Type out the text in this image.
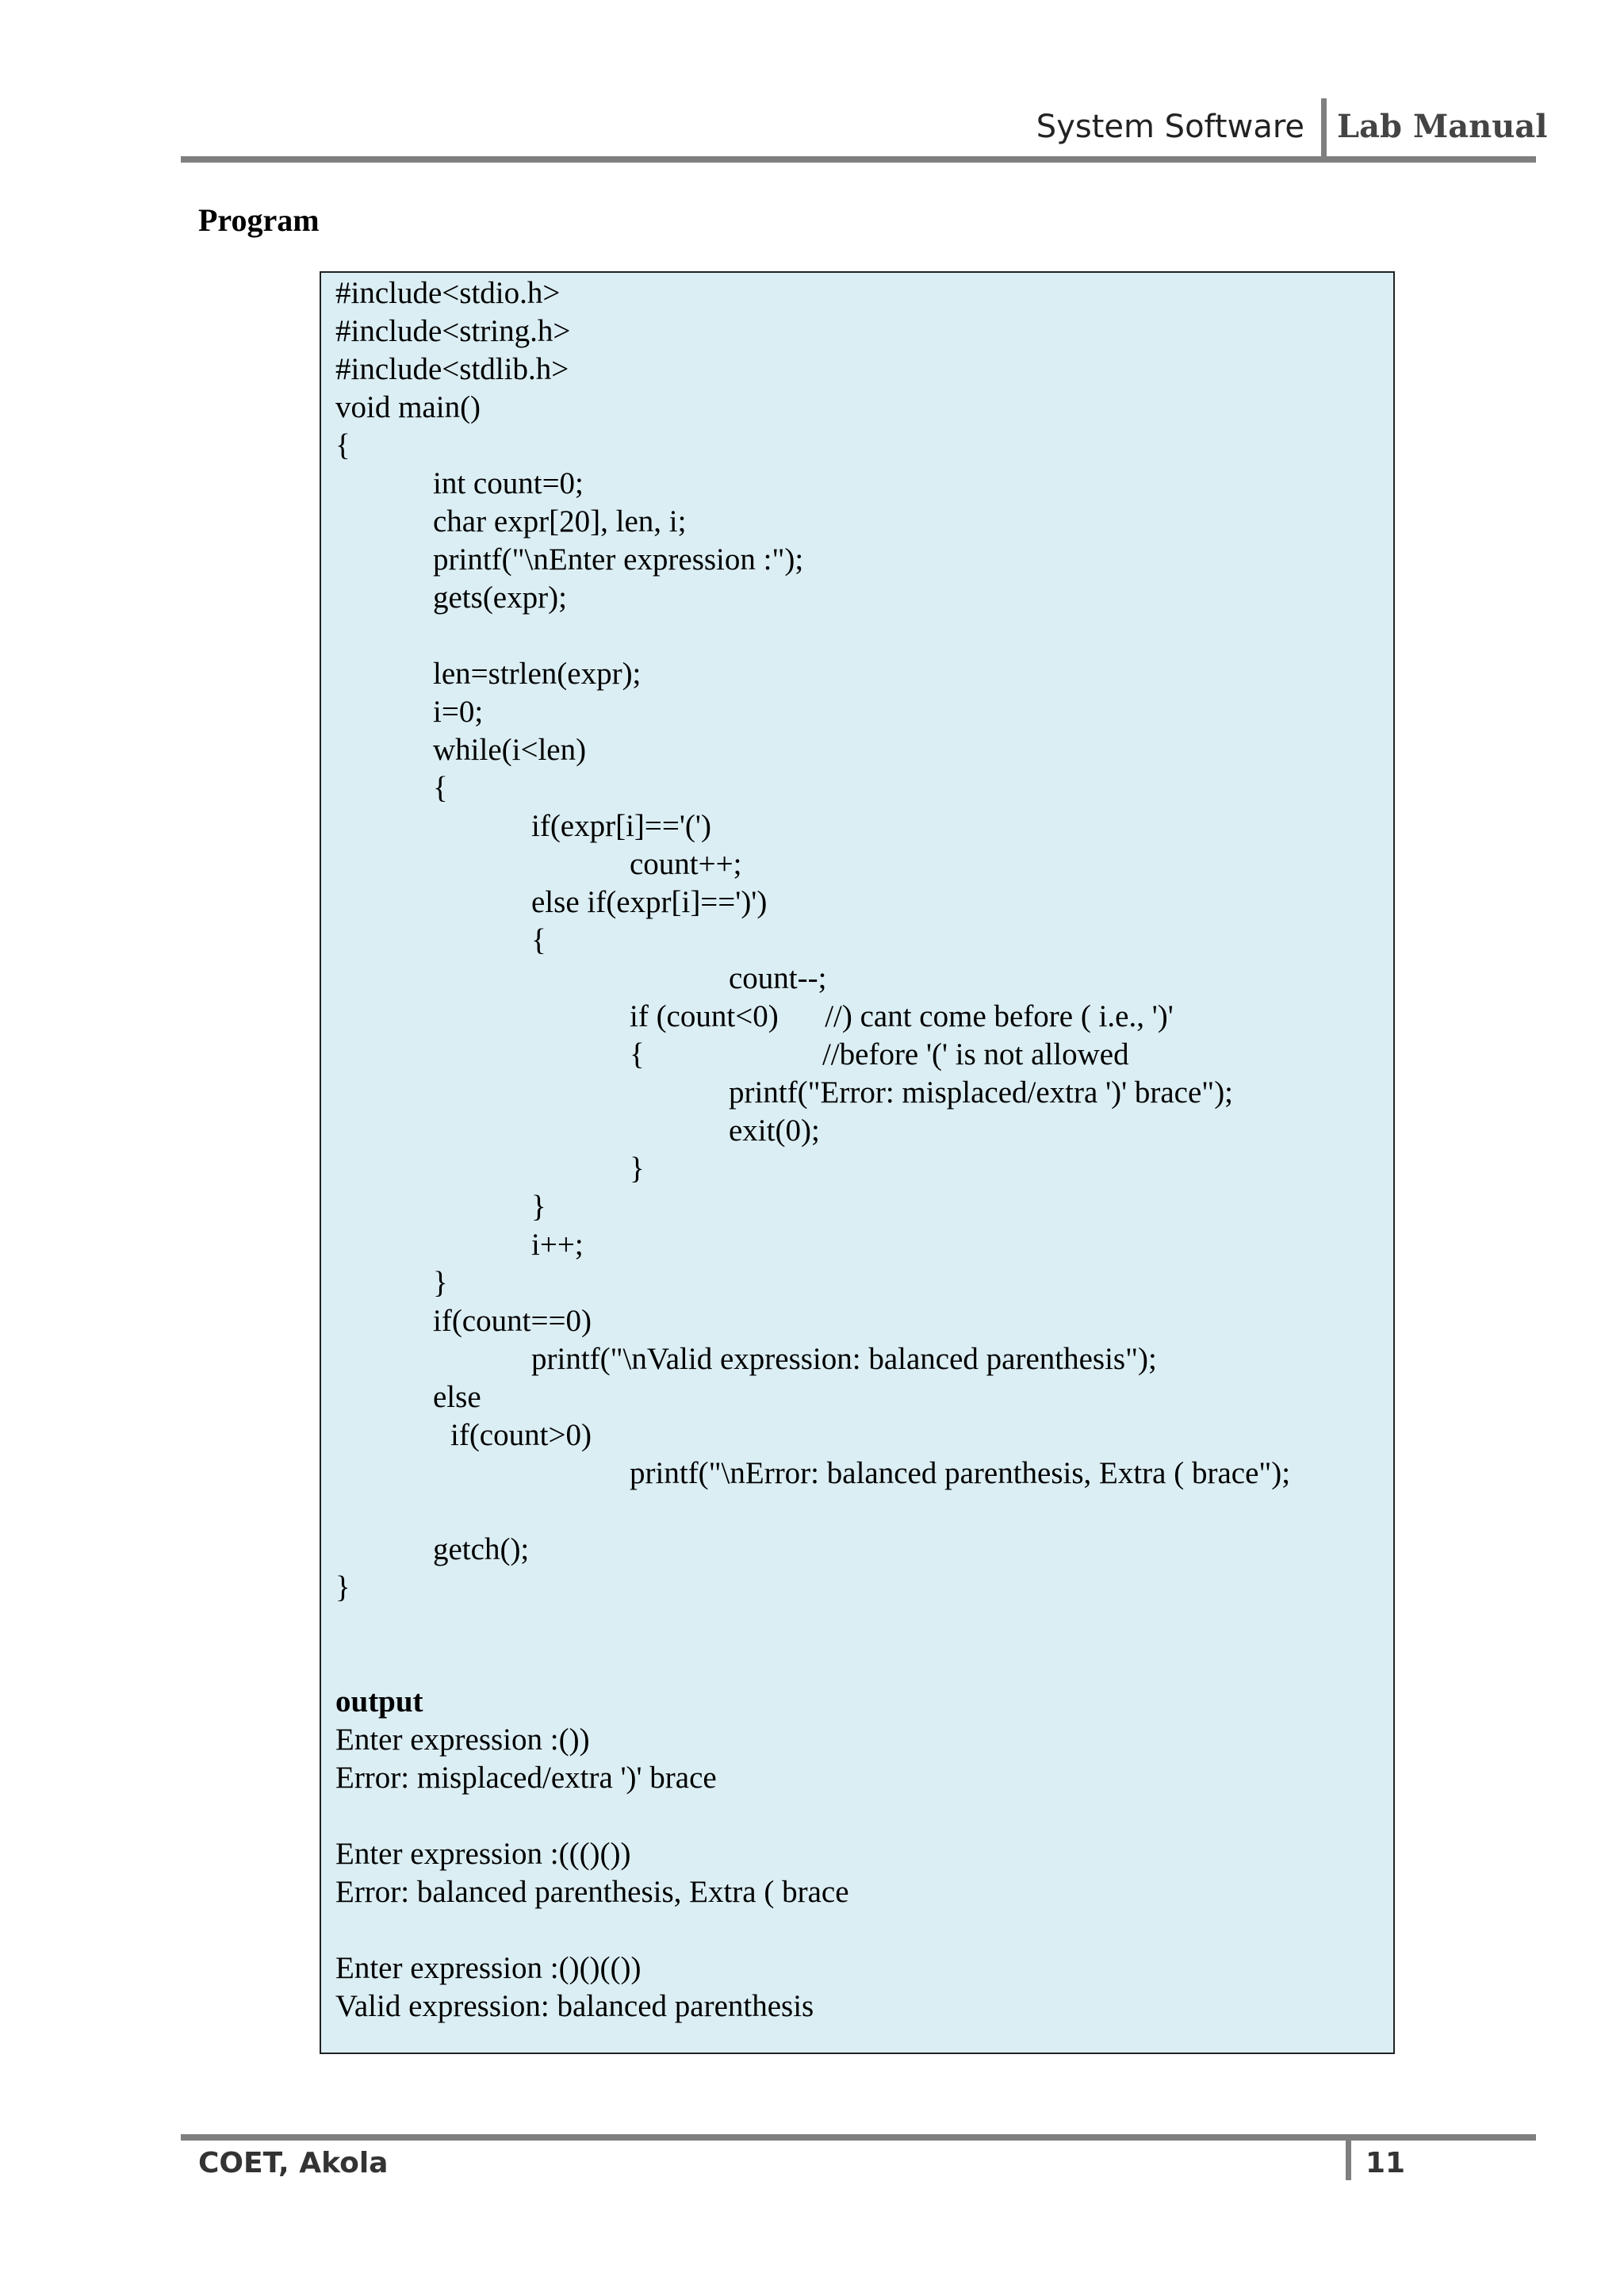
System Software Lab Manual
Program
#include<stdio.h>
#include<string.h>
#include<stdlib.h>
void main()
{
int count=0;
char expr[20], len, i;
printf("\nEnter expression :");
gets(expr);
len=strlen(expr);
i=0;
while(i<len)
{
if(expr[i]=='(')
count++;
else if(expr[i]==')')
{
count--;
if (count<0)      //) cant come before ( i.e., ')'
{                       //before '(' is not allowed
printf("Error: misplaced/extra ')' brace");
exit(0);
}
}
i++;
}
if(count==0)
printf("\nValid expression: balanced parenthesis");
else
if(count>0)
printf("\nError: balanced parenthesis, Extra ( brace");
getch();
}
output
Enter expression :())
Error: misplaced/extra ')' brace
Enter expression :((()())
Error: balanced parenthesis, Extra ( brace
Enter expression :()()(())
Valid expression: balanced parenthesis
COET, Akola	11
